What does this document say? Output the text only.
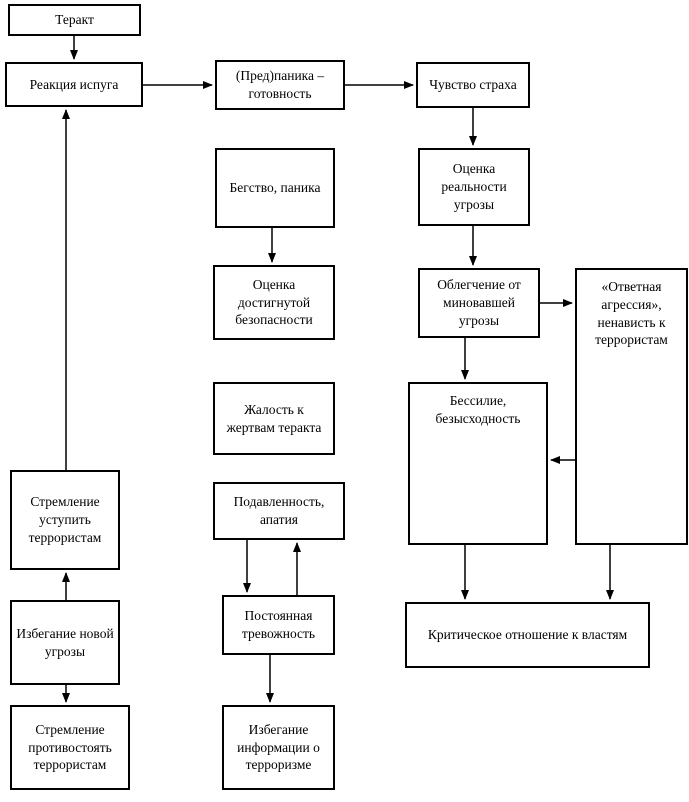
Теракт
Реакция испуга
(Пред)паника – готовность
Чувство страха
Бегство, паника
Оценка реальности угрозы
Оценка достигнутой безопасности
Облегчение от миновавшей угрозы
«Ответная агрессия», ненависть к террористам
Жалость к жертвам теракта
Бессилие, безысходность
Подавленность, апатия
Стремление уступить террористам
Постоянная тревожность
Избегание новой угрозы
Критическое отношение к властям
Избегание информации о терроризме
Стремление противостоять террористам
